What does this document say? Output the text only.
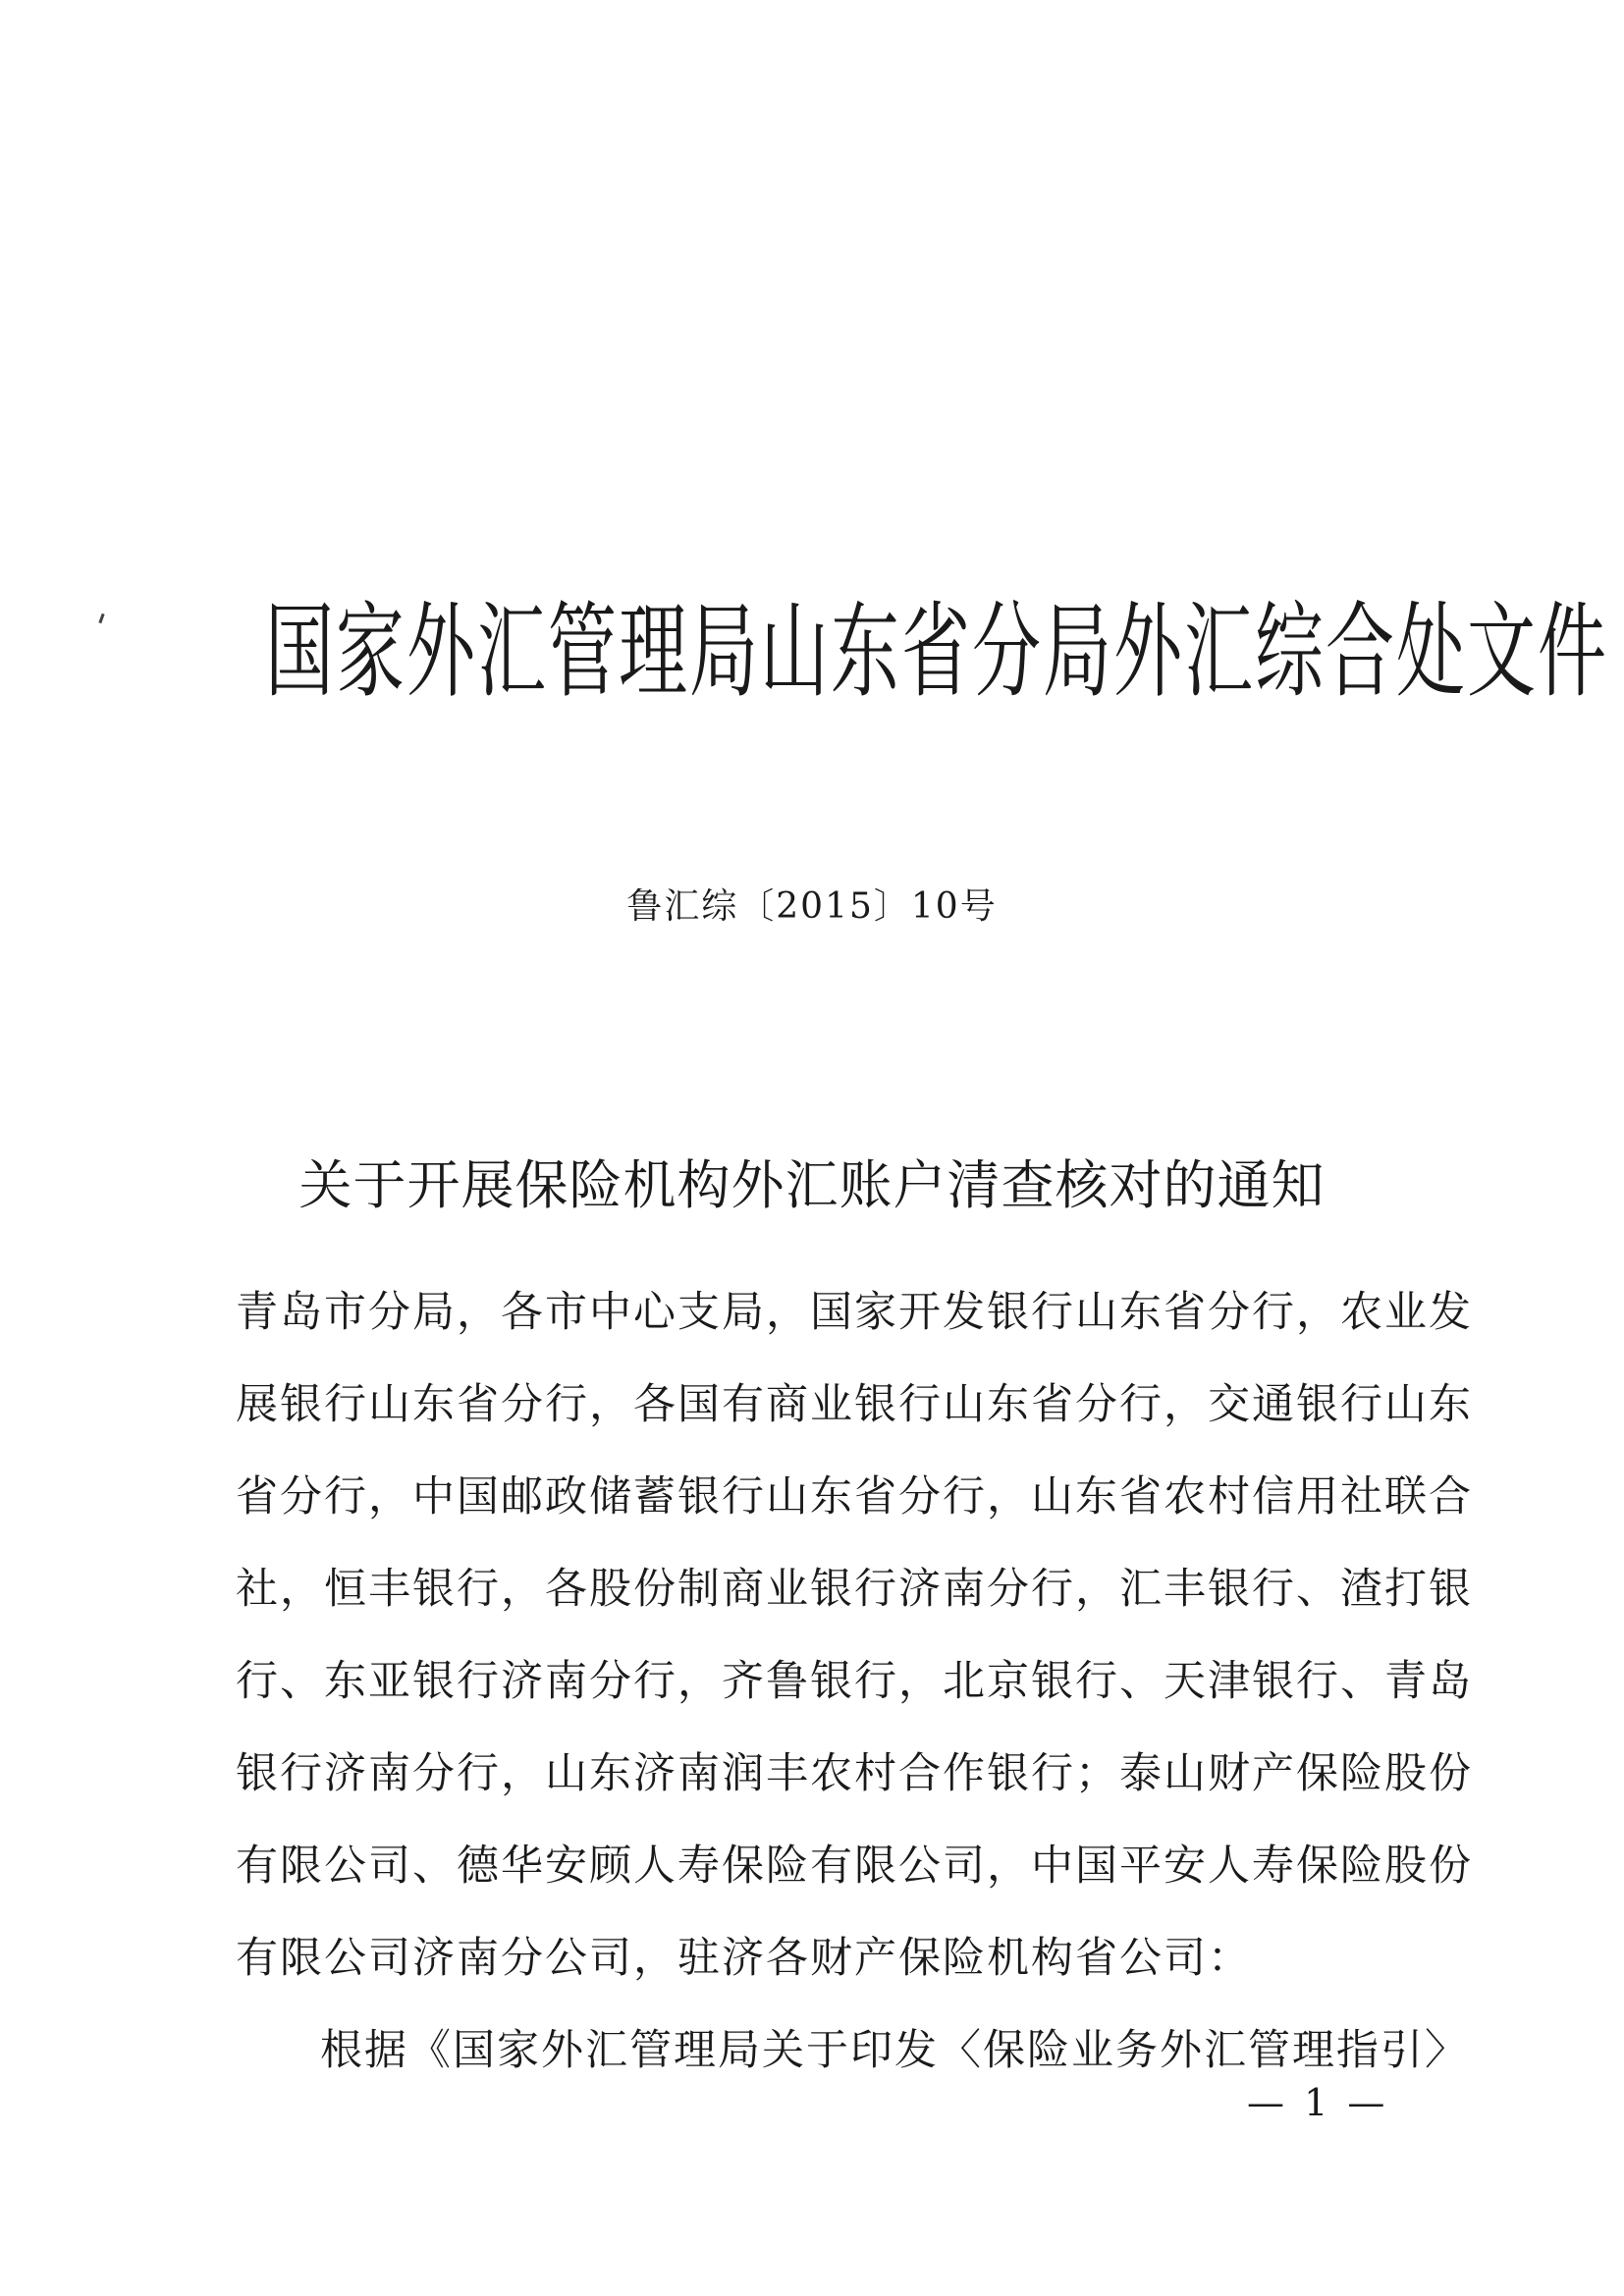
国家外汇管理局山东省分局外汇综合处文件
鲁汇综〔2015〕10号
关于开展保险机构外汇账户清查核对的通知
青岛市分局，各市中心支局，国家开发银行山东省分行，农业发
展银行山东省分行，各国有商业银行山东省分行，交通银行山东
省分行，中国邮政储蓄银行山东省分行，山东省农村信用社联合
社，恒丰银行，各股份制商业银行济南分行，汇丰银行、渣打银
行、东亚银行济南分行，齐鲁银行，北京银行、天津银行、青岛
银行济南分行，山东济南润丰农村合作银行；泰山财产保险股份
有限公司、德华安顾人寿保险有限公司，中国平安人寿保险股份
有限公司济南分公司，驻济各财产保险机构省公司：
根据《国家外汇管理局关于印发〈保险业务外汇管理指引〉
— 1 —
